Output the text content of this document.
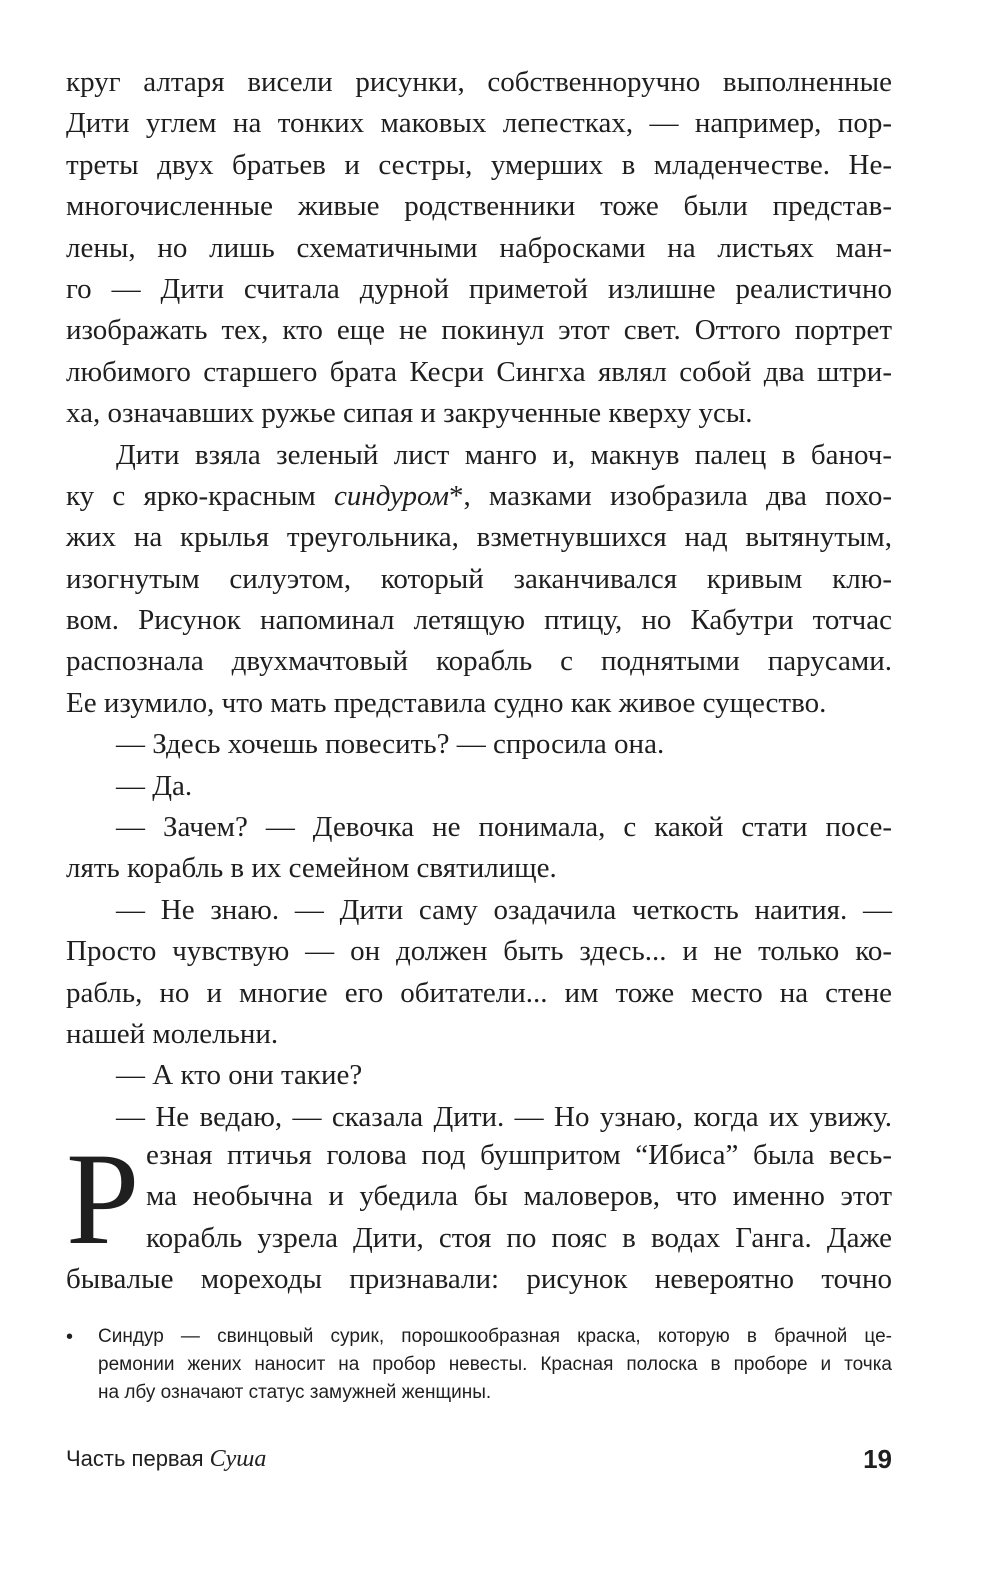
круг алтаря висели рисунки, собственноручно выполненные
Дити углем на тонких маковых лепестках, — например, пор-
треты двух братьев и сестры, умерших в младенчестве. Не-
многочисленные живые родственники тоже были представ-
лены, но лишь схематичными набросками на листьях ман-
го — Дити считала дурной приметой излишне реалистично
изображать тех, кто еще не покинул этот свет. Оттого портрет
любимого старшего брата Кесри Сингха являл собой два штри-
ха, означавших ружье сипая и закрученные кверху усы.
Дити взяла зеленый лист манго и, макнув палец в баноч-
ку с ярко-красным синдуром*, мазками изобразила два похо-
жих на крылья треугольника, взметнувшихся над вытянутым,
изогнутым силуэтом, который заканчивался кривым клю-
вом. Рисунок напоминал летящую птицу, но Кабутри тотчас
распознала двухмачтовый корабль с поднятыми парусами.
Ее изумило, что мать представила судно как живое существо.
— Здесь хочешь повесить? — спросила она.
— Да.
— Зачем? — Девочка не понимала, с какой стати посе-
лять корабль в их семейном святилище.
— Не знаю. — Дити саму озадачила четкость наития. —
Просто чувствую — он должен быть здесь... и не только ко-
рабль, но и многие его обитатели... им тоже место на стене
нашей молельни.
— А кто они такие?
— Не ведаю, — сказала Дити. — Но узнаю, когда их увижу.
Р езная птичья голова под бушпритом “Ибиса” была весь-
ма необычна и убедила бы маловеров, что именно этот
корабль узрела Дити, стоя по пояс в водах Ганга. Даже
бывалые мореходы признавали: рисунок невероятно точно
• Синдур — свинцовый сурик, порошкообразная краска, которую в брачной це-
ремонии жених наносит на пробор невесты. Красная полоска в проборе и точка
на лбу означают статус замужней женщины.
Часть первая Суша	19
